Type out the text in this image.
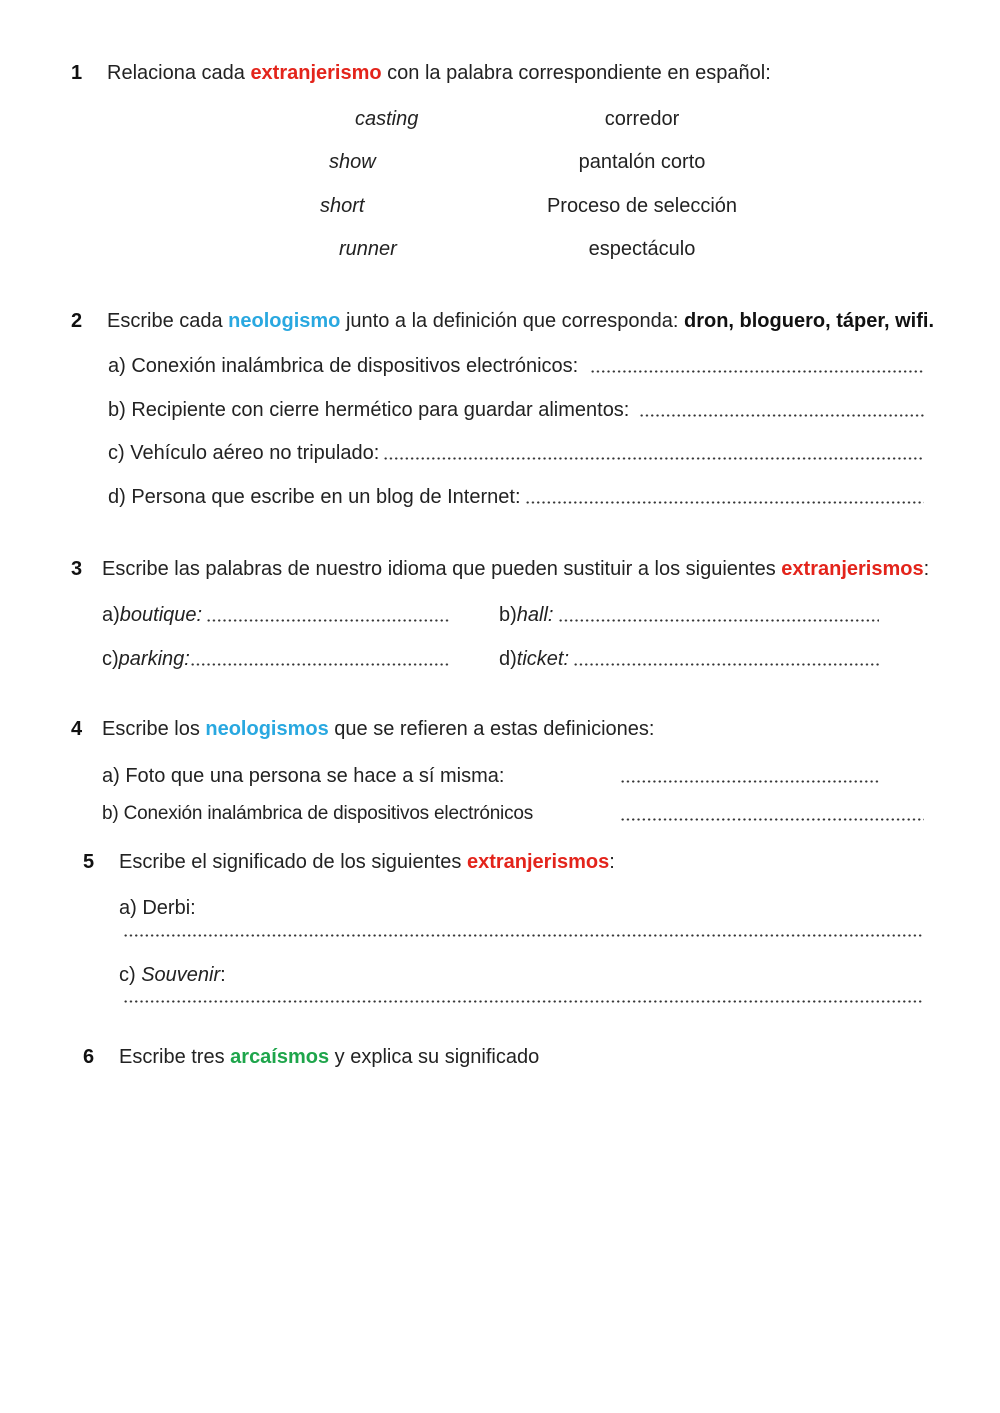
1 Relaciona cada extranjerismo con la palabra correspondiente en español:
casting	corredor
show	pantalón corto
short	Proceso de selección
runner	espectáculo
2 Escribe cada neologismo junto a la definición que corresponda: dron, bloguero, táper, wifi.
a) Conexión inalámbrica de dispositivos electrónicos:
b) Recipiente con cierre hermético para guardar alimentos:
c) Vehículo aéreo no tripulado:
d) Persona que escribe en un blog de Internet:
3 Escribe las palabras de nuestro idioma que pueden sustituir a los siguientes extranjerismos:
a) boutique:	b) hall:
c) parking:	d) ticket:
4 Escribe los neologismos que se refieren a estas definiciones:
a) Foto que una persona se hace a sí misma:
b) Conexión inalámbrica de dispositivos electrónicos
5 Escribe el significado de los siguientes extranjerismos:
a) Derbi:
c) Souvenir:
6 Escribe tres arcaísmos y explica su significado
